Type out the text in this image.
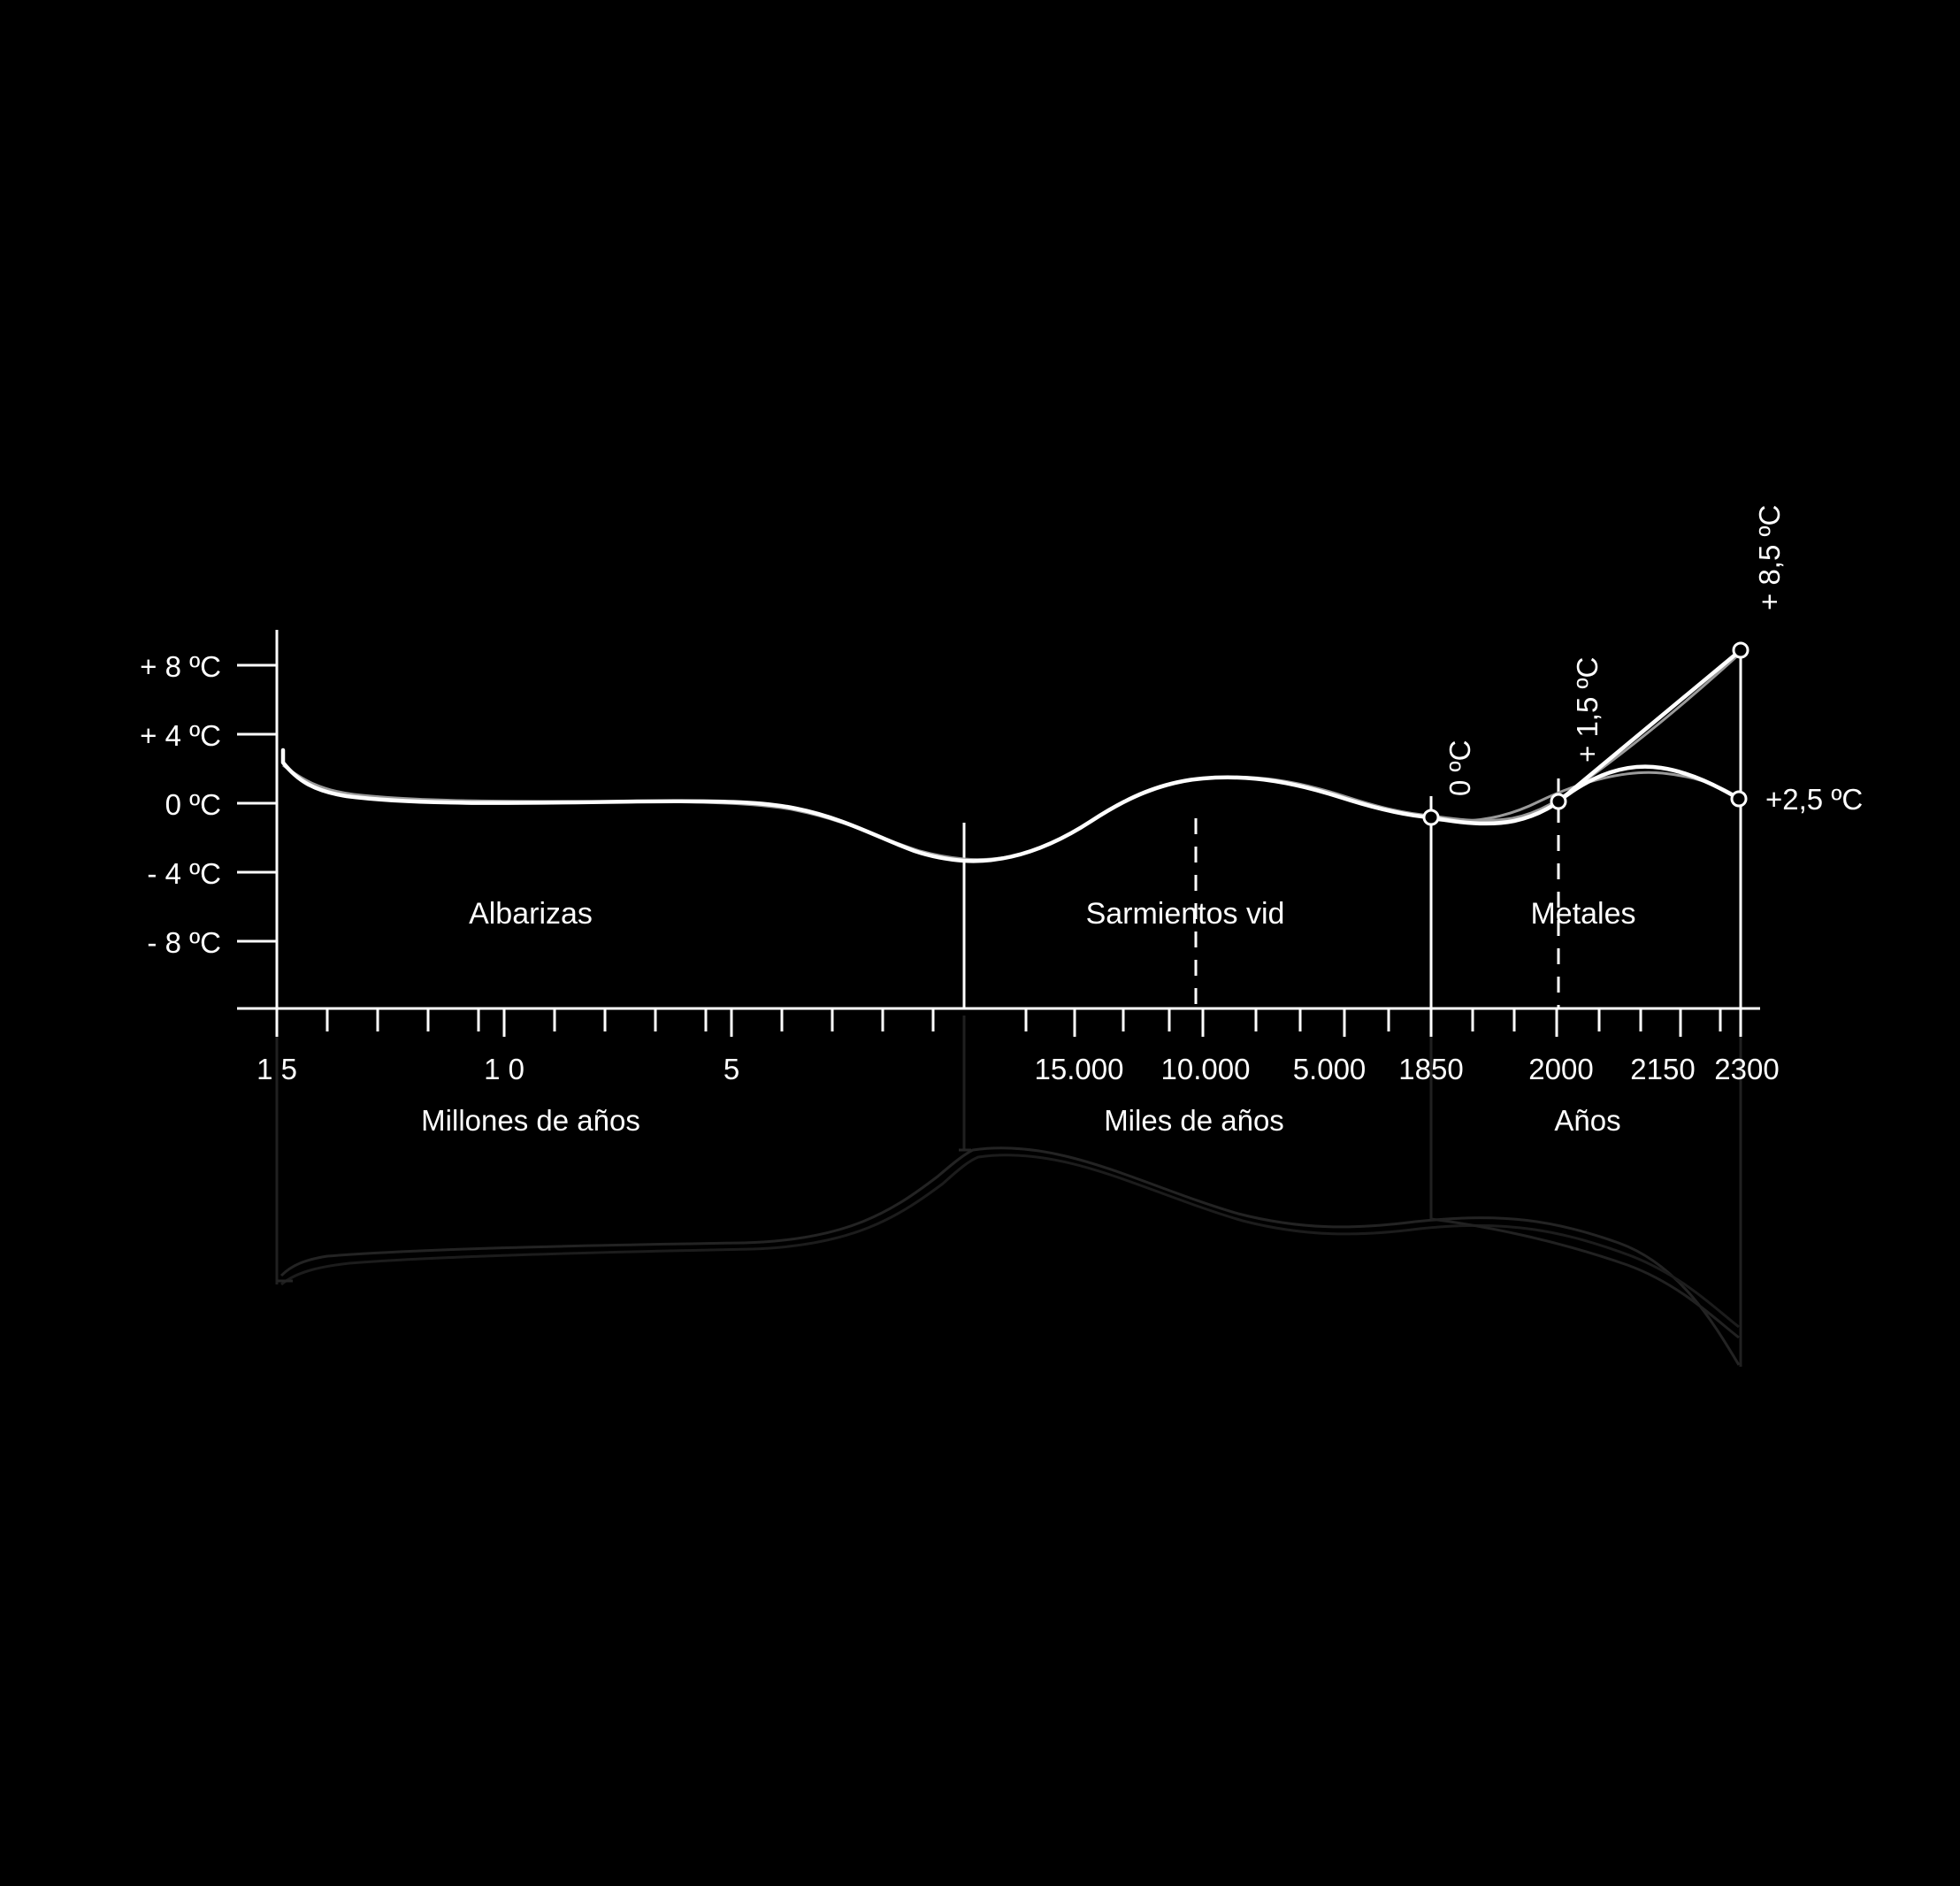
+ 8 ºC
+ 4 ºC
0 ºC
- 4 ºC
- 8 ºC
1 5	1 0	5	15.000	10.000	5.000	1850	2000	2150 2300
Millones de años	Miles de años	Años
Albarizas	Sarmientos vid	Metales
0 ºC
+ 1,5 ºC
+ 8,5 ºC
+2,5 ºC
